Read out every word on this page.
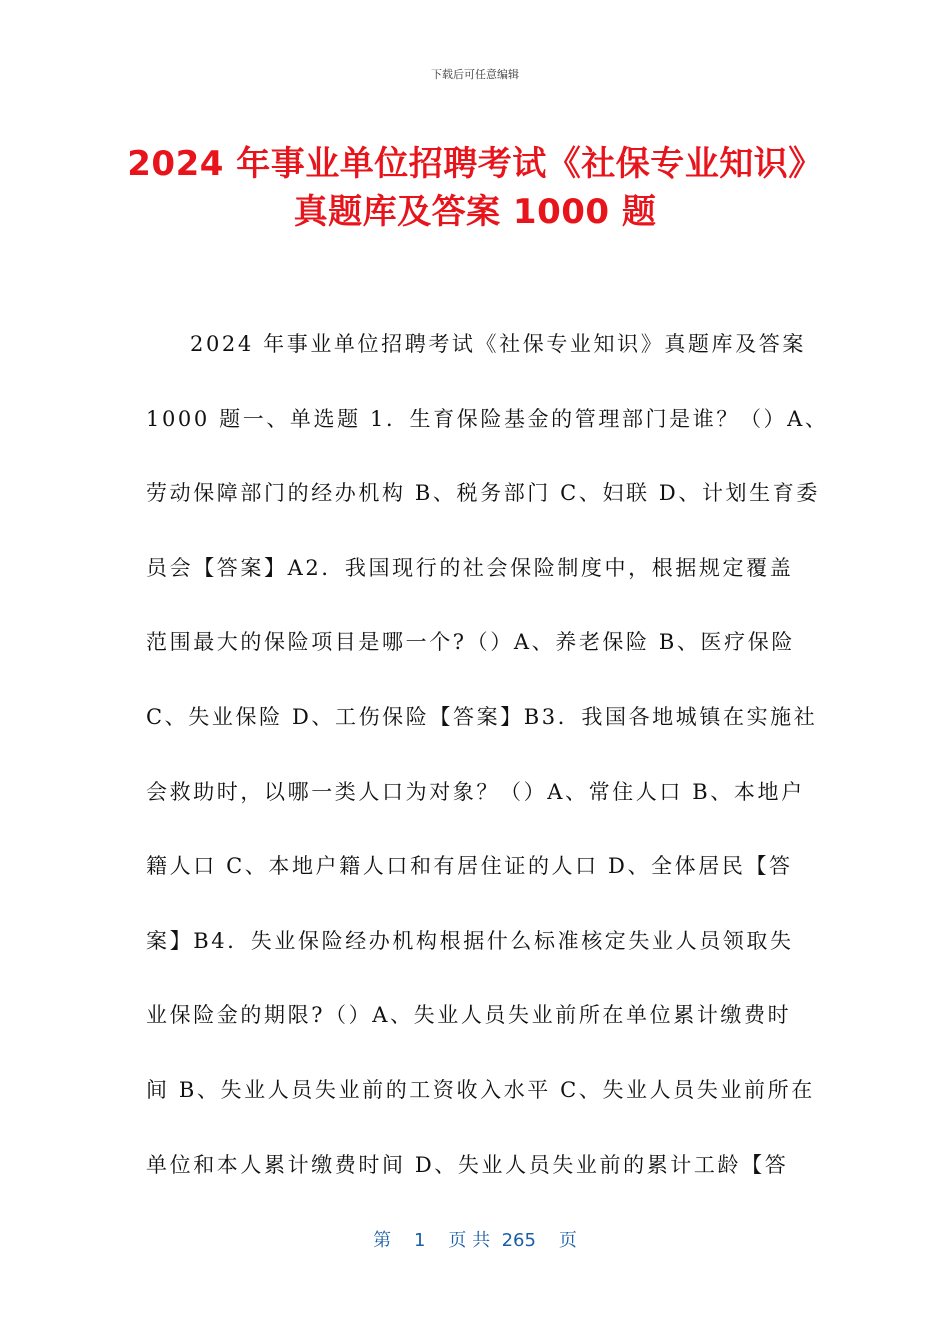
下载后可任意编辑
2024 年事业单位招聘考试《社保专业知识》
真题库及答案 1000 题
2024 年事业单位招聘考试《社保专业知识》真题库及答案
1000 题一、单选题 1．生育保险基金的管理部门是谁？（）A、
劳动保障部门的经办机构 B、税务部门 C、妇联 D、计划生育委
员会【答案】A2．我国现行的社会保险制度中，根据规定覆盖
范围最大的保险项目是哪一个?（）A、养老保险 B、医疗保险
C、失业保险 D、工伤保险【答案】B3．我国各地城镇在实施社
会救助时，以哪一类人口为对象？（）A、常住人口 B、本地户
籍人口 C、本地户籍人口和有居住证的人口 D、全体居民【答
案】B4．失业保险经办机构根据什么标准核定失业人员领取失
业保险金的期限?（）A、失业人员失业前所在单位累计缴费时
间 B、失业人员失业前的工资收入水平 C、失业人员失业前所在
单位和本人累计缴费时间 D、失业人员失业前的累计工龄【答
第 1 页 共 265 页
